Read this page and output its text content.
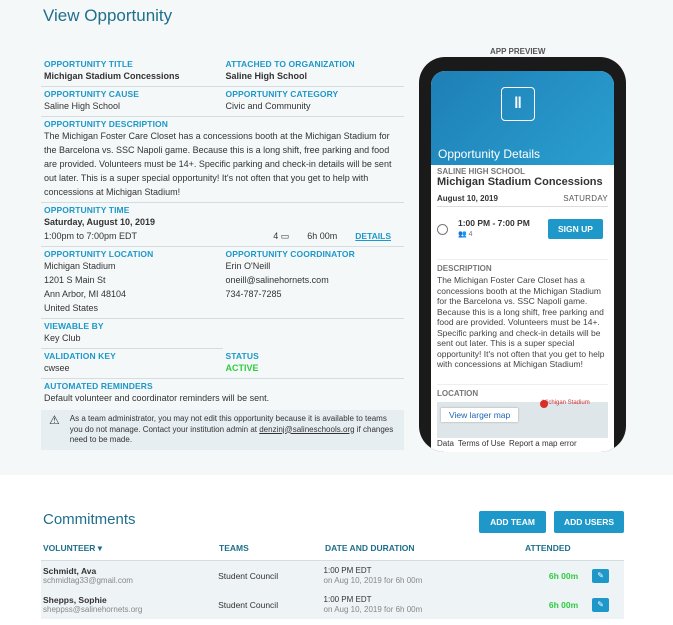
View Opportunity
OPPORTUNITY TITLE
Michigan Stadium Concessions
ATTACHED TO ORGANIZATION
Saline High School
OPPORTUNITY CAUSE
Saline High School
OPPORTUNITY CATEGORY
Civic and Community
OPPORTUNITY DESCRIPTION
The Michigan Foster Care Closet has a concessions booth at the Michigan Stadium for the Barcelona vs. SSC Napoli game. Because this is a long shift, free parking and food are provided. Volunteers must be 14+. Specific parking and check-in details will be sent out later. This is a super special opportunity! It's not often that you get to help with concessions at Michigan Stadium!
OPPORTUNITY TIME
Saturday, August 10, 2019
1:00pm to 7:00pm EDT	4 ▭ 6h 00m DETAILS
OPPORTUNITY LOCATION
Michigan Stadium
1201 S Main St
Ann Arbor, MI 48104
United States
OPPORTUNITY COORDINATOR
Erin O'Neill
oneill@salinehornets.com
734-787-7285
VIEWABLE BY
Key Club
VALIDATION KEY
cwsee
STATUS
ACTIVE
AUTOMATED REMINDERS
Default volunteer and coordinator reminders will be sent.
⚠ As a team administrator, you may not edit this opportunity because it is available to teams you do not manage. Contact your institution admin at denzinj@salineschools.org if changes need to be made.
APP PREVIEW
ǁ
Opportunity Details
SALINE HIGH SCHOOL
Michigan Stadium Concessions
August 10, 2019	SATURDAY
1:00 PM - 7:00 PM
👥 4
SIGN UP
DESCRIPTION
The Michigan Foster Care Closet has a concessions booth at the Michigan Stadium for the Barcelona vs. SSC Napoli game. Because this is a long shift, free parking and food are provided. Volunteers must be 14+. Specific parking and check-in details will be sent out later. This is a super special opportunity! It's not often that you get to help with concessions at Michigan Stadium!
LOCATION
View larger map
Michigan Stadium
Data Terms of Use Report a map error
Commitments	ADD TEAM	ADD USERS
VOLUNTEER ▾	TEAMS	DATE AND DURATION	ATTENDED
Schmidt, Ava
schmidtag33@gmail.com	Student Council	1:00 PM EDT
on Aug 10, 2019 for 6h 00m	6h 00m	✎
Shepps, Sophie
sheppss@salinehornets.org	Student Council	1:00 PM EDT
on Aug 10, 2019 for 6h 00m	6h 00m	✎
